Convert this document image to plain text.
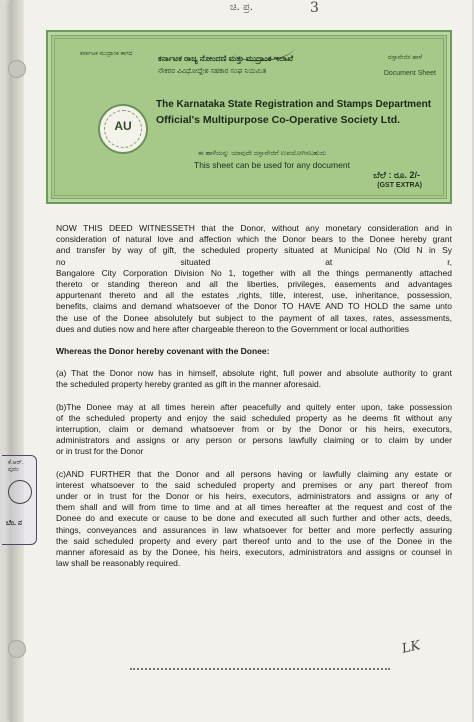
ಚಿ. ಪ್ರ.	3
ಕರ್ನಾಟಕ ಮುದ್ರಾಂಕ ಕಾಗದ	ಕರ್ನಾಟಕ ರಾಜ್ಯ ನೋಂದಣಿ ಮತ್ತು ಮುದ್ರಾಂಕ ಇಲಾಖೆ
ನೌಕರರ ವಿವಿಧೋದ್ದೇಶ ಸಹಕಾರ ಸಂಘ ನಿಯಮಿತ
ದಸ್ತಾವೇಜಿನ ಹಾಳೆ
Document Sheet
AU
The Karnataka State Registration and Stamps Department
Official's Multipurpose Co-Operative Society Ltd.
ಈ ಹಾಳೆಯನ್ನು ಯಾವುದೇ ದಸ್ತಾವೇಜಿಗೆ ಉಪಯೋಗಿಸಬಹುದು
This sheet can be used for any document
ಬೆಲೆ : ರೂ. 2/-
(GST EXTRA)

NOW THIS DEED WITNESSETH that the Donor, without any monetary consideration and in
consideration of natural love and affection which the Donor bears to the Donee hereby grant
and transfer by way of gift, the scheduled property situated at Municipal No (Old N in Sy
no situated at r,
Bangalore City Corporation Division No 1, together with all the things permanently attached
thereto or standing thereon and all the liberties, privileges, easements and advantages
appurtenant thereto and all the estates ,rights, title, interest, use, inheritance, possession,
benefits, claims and demand whatsoever of the Donor TO HAVE AND TO HOLD the same unto
the use of the Donee absolutely but subject to the payment of all taxes, rates, assessments,
dues and duties now and here after chargeable thereon to the Government or local authorities

Whereas the Donor hereby covenant with the Donee:

(a) That the Donor now has in himself, absolute right, full power and absolute authority to grant
the scheduled property hereby granted as gift in the manner aforesaid.

(b)The Donee may at all times herein after peacefully and quitely enter upon, take possession
of the scheduled property and enjoy the said scheduled property as he deems fit without any
interruption, claim or demand whatsoever from or by the Donor or his heirs, executors,
administrators and assigns or any person or persons lawfully claiming or to claim by under
or in trust for the Donor

(c)AND FURTHER that the Donor and all persons having or lawfully claiming any estate or
interest whatsoever to the said scheduled property and premises or any part thereof from
under or in trust for the Donor or his heirs, executors, administrators and assigns or any of
them shall and will from time to time and at all times hereafter at the request and cost of the
Donee do and execute or cause to be done and executed all such further and other acts, deeds,
things, conveyances and assurances in law whatsoever for better and more perfectly assuring
the said scheduled property and every part thereof unto and to the use of the Donee in the
manner aforesaid as by the Donee, his heirs, executors, administrators and assigns or counsel in
law shall be reasonably required.

LK
ಕೆ.ಆರ್.
ಪುರಂ
ಬೆಂ. ನ
